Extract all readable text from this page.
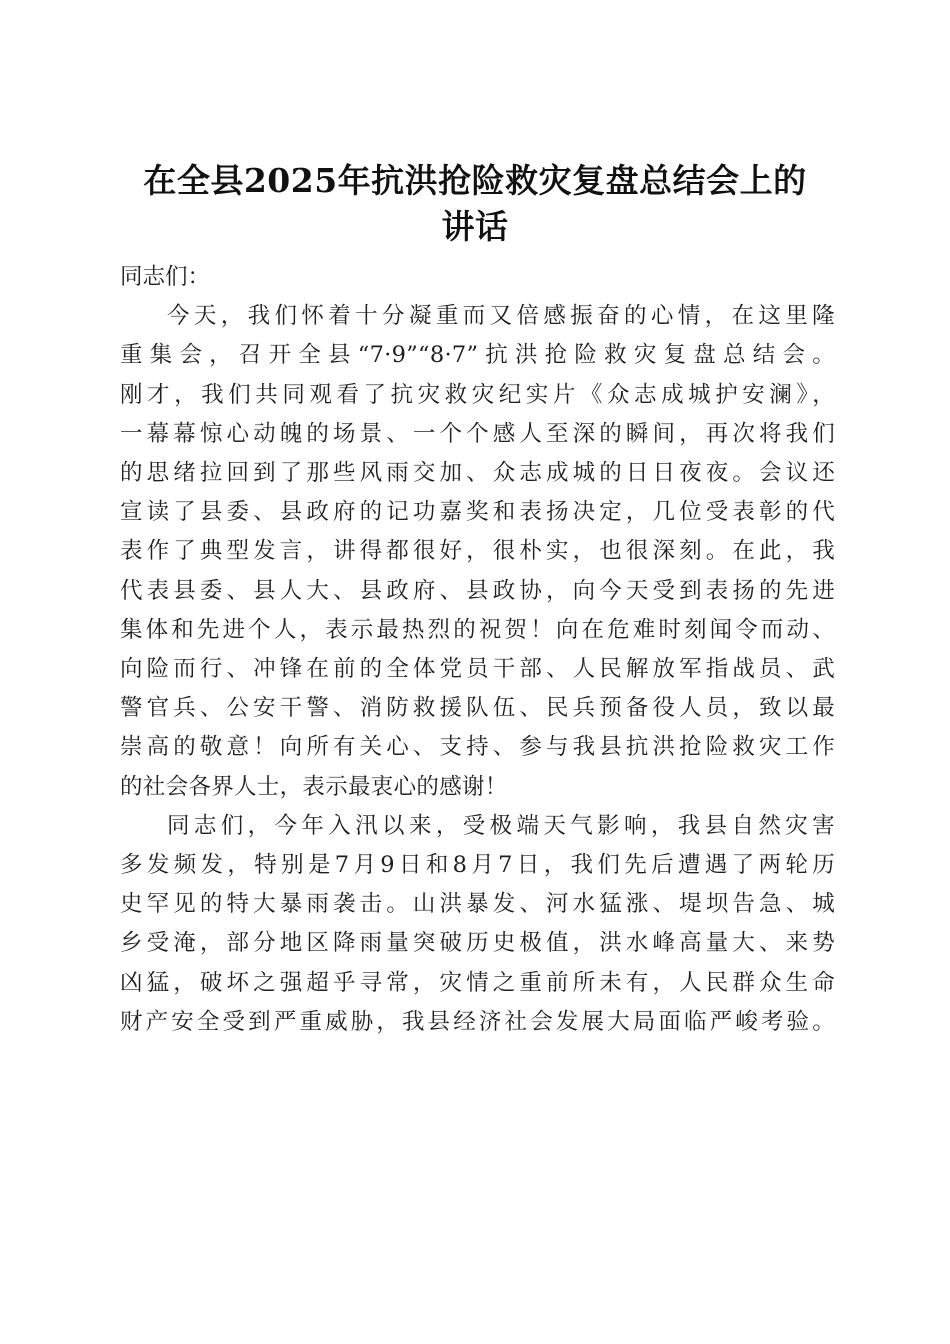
在全县2025年抗洪抢险救灾复盘总结会上的
讲话

同志们：

今天，我们怀着十分凝重而又倍感振奋的心情，在这里隆
重集会，召开全县“7·9”“8·7”抗洪抢险救灾复盘总结会。
刚才，我们共同观看了抗灾救灾纪实片《众志成城护安澜》，
一幕幕惊心动魄的场景、一个个感人至深的瞬间，再次将我们
的思绪拉回到了那些风雨交加、众志成城的日日夜夜。会议还
宣读了县委、县政府的记功嘉奖和表扬决定，几位受表彰的代
表作了典型发言，讲得都很好，很朴实，也很深刻。在此，我
代表县委、县人大、县政府、县政协，向今天受到表扬的先进
集体和先进个人，表示最热烈的祝贺！向在危难时刻闻令而动、
向险而行、冲锋在前的全体党员干部、人民解放军指战员、武
警官兵、公安干警、消防救援队伍、民兵预备役人员，致以最
崇高的敬意！向所有关心、支持、参与我县抗洪抢险救灾工作
的社会各界人士，表示最衷心的感谢！
同志们，今年入汛以来，受极端天气影响，我县自然灾害
多发频发，特别是7月9日和8月7日，我们先后遭遇了两轮历
史罕见的特大暴雨袭击。山洪暴发、河水猛涨、堤坝告急、城
乡受淹，部分地区降雨量突破历史极值，洪水峰高量大、来势
凶猛，破坏之强超乎寻常，灾情之重前所未有，人民群众生命
财产安全受到严重威胁，我县经济社会发展大局面临严峻考验。
